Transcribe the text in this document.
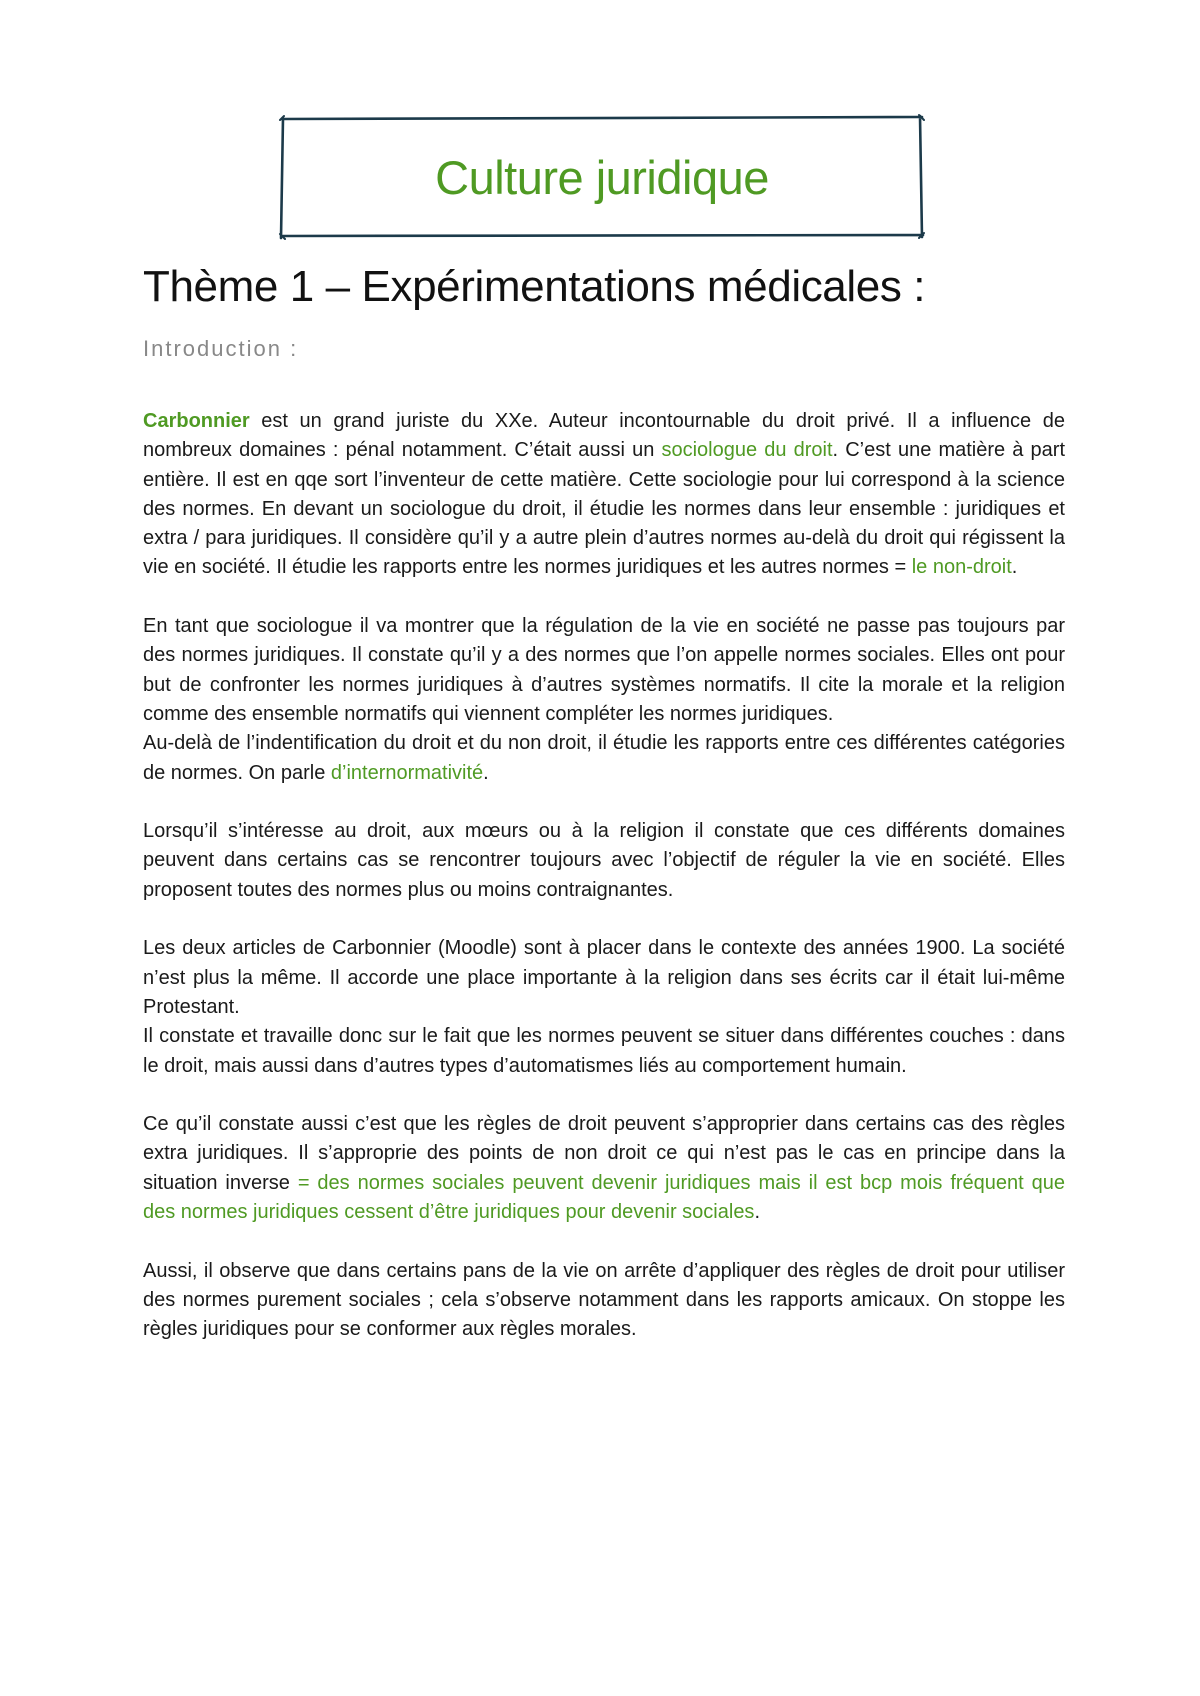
Culture juridique
Thème 1 – Expérimentations médicales :
Introduction :

Carbonnier est un grand juriste du XXe. Auteur incontournable du droit privé. Il a influence de nombreux domaines : pénal notamment. C’était aussi un sociologue du droit. C’est une matière à part entière. Il est en qqe sort l’inventeur de cette matière. Cette sociologie pour lui correspond à la science des normes. En devant un sociologue du droit, il étudie les normes dans leur ensemble : juridiques et extra / para juridiques. Il considère qu’il y a autre plein d’autres normes au-delà du droit qui régissent la vie en société. Il étudie les rapports entre les normes juridiques et les autres normes = le non-droit.

En tant que sociologue il va montrer que la régulation de la vie en société ne passe pas toujours par des normes juridiques. Il constate qu’il y a des normes que l’on appelle normes sociales. Elles ont pour but de confronter les normes juridiques à d’autres systèmes normatifs. Il cite la morale et la religion comme des ensemble normatifs qui viennent compléter les normes juridiques.

Au-delà de l’indentification du droit et du non droit, il étudie les rapports entre ces différentes catégories de normes. On parle d’internormativité.

Lorsqu’il s’intéresse au droit, aux mœurs ou à la religion il constate que ces différents domaines peuvent dans certains cas se rencontrer toujours avec l’objectif de réguler la vie en société. Elles proposent toutes des normes plus ou moins contraignantes.

Les deux articles de Carbonnier (Moodle) sont à placer dans le contexte des années 1900. La société n’est plus la même. Il accorde une place importante à la religion dans ses écrits car il était lui-même Protestant.

Il constate et travaille donc sur le fait que les normes peuvent se situer dans différentes couches : dans le droit, mais aussi dans d’autres types d’automatismes liés au comportement humain.

Ce qu’il constate aussi c’est que les règles de droit peuvent s’approprier dans certains cas des règles extra juridiques. Il s’approprie des points de non droit ce qui n’est pas le cas en principe dans la situation inverse = des normes sociales peuvent devenir juridiques mais il est bcp mois fréquent que des normes juridiques cessent d’être juridiques pour devenir sociales.

Aussi, il observe que dans certains pans de la vie on arrête d’appliquer des règles de droit pour utiliser des normes purement sociales ; cela s’observe notamment dans les rapports amicaux. On stoppe les règles juridiques pour se conformer aux règles morales.
